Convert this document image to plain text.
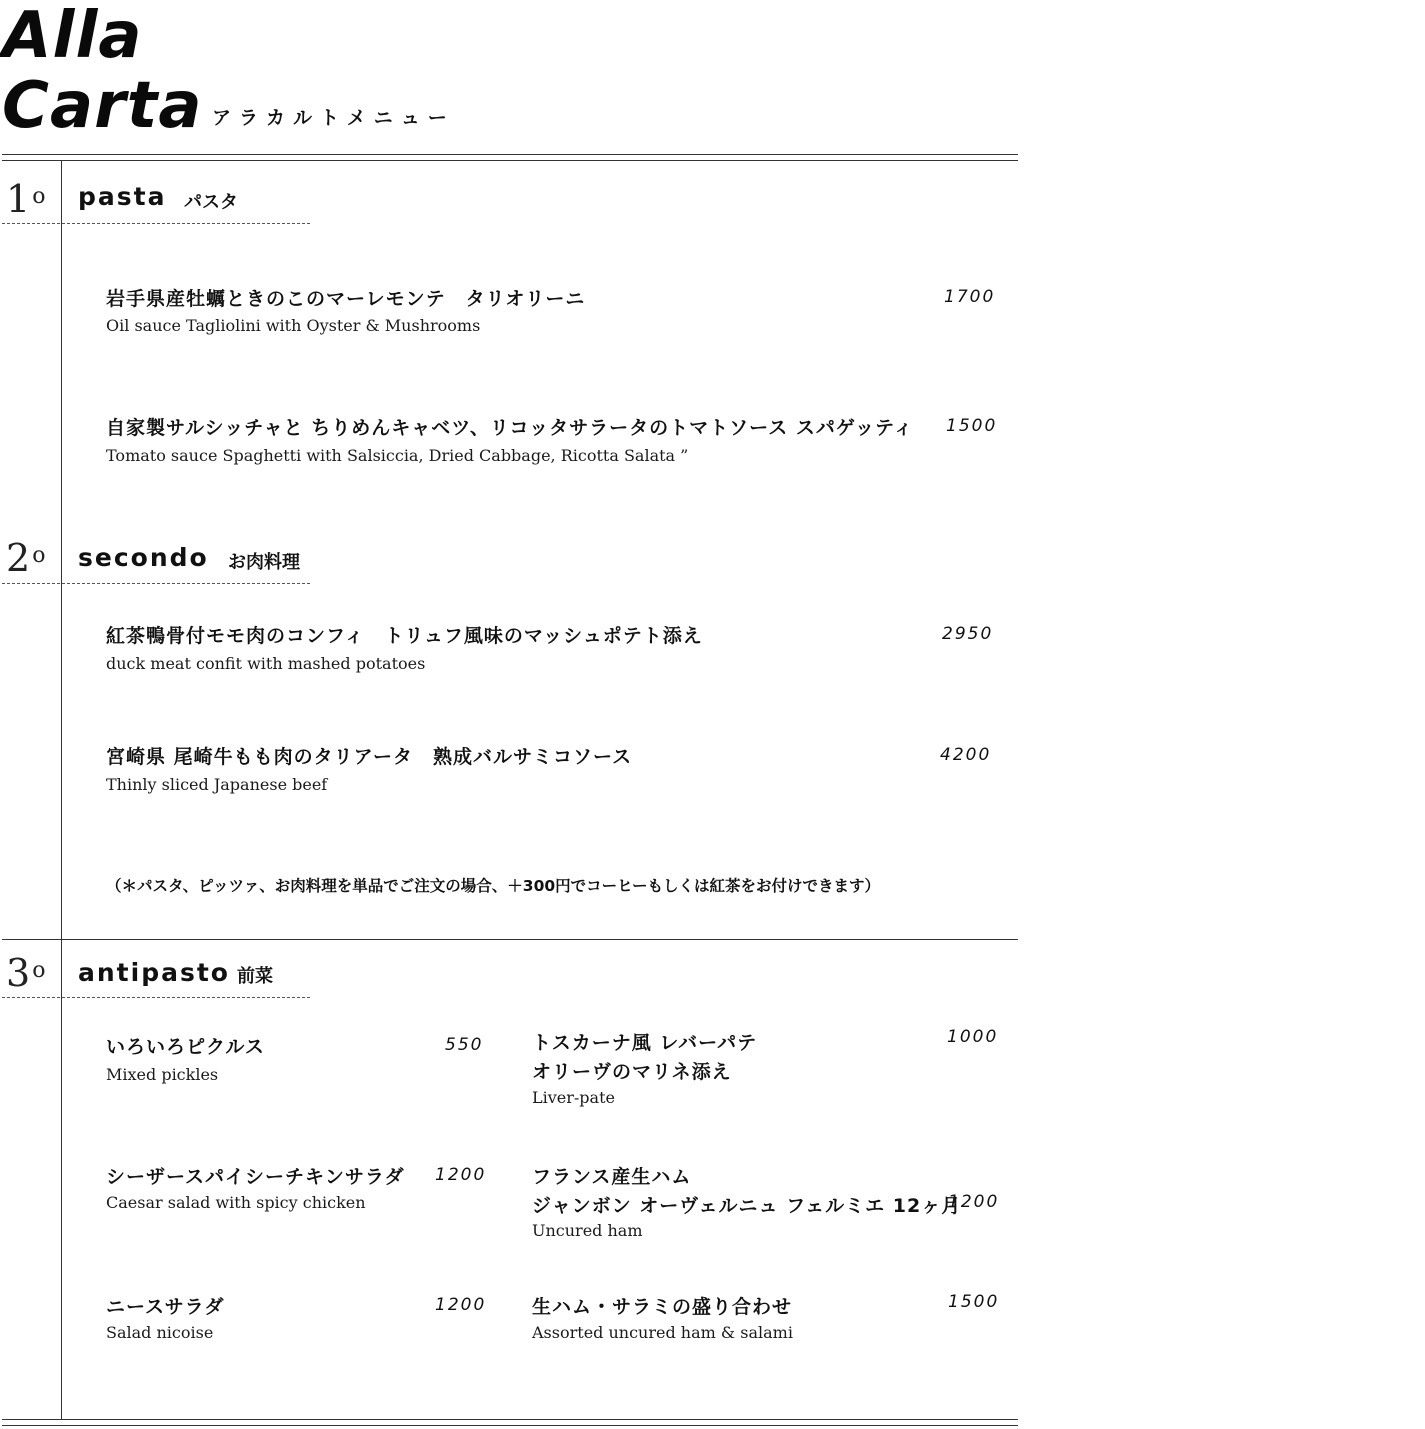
Alla
Carta アラカルトメニュー
1$^o$ pasta パスタ
岩手県産牡蠣ときのこのマーレモンテ　タリオリーニ
Oil sauce Tagliolini with Oyster & Mushrooms
1700
自家製サルシッチャと ちりめんキャベツ、リコッタサラータのトマトソース スパゲッティ
Tomato sauce Spaghetti with Salsiccia, Dried Cabbage, Ricotta Salata ”
1500
2$^o$ secondo お肉料理
紅茶鴨骨付モモ肉のコンフィ　トリュフ風味のマッシュポテト添え
duck meat confit with mashed potatoes
2950
宮崎県 尾崎牛もも肉のタリアータ　熟成バルサミコソース
Thinly sliced Japanese beef
4200
（＊パスタ、ピッツァ、お肉料理を単品でご注文の場合、＋300円でコーヒーもしくは紅茶をお付けできます）
3$^o$ antipasto 前菜
いろいろピクルス
Mixed pickles
550
シーザースパイシーチキンサラダ
Caesar salad with spicy chicken
1200
ニースサラダ
Salad nicoise
1200
トスカーナ風 レバーパテ
オリーヴのマリネ添え
Liver-pate
1000
フランス産生ハム
ジャンボン オーヴェルニュ フェルミエ 12ヶ月
Uncured ham
1200
生ハム・サラミの盛り合わせ
Assorted uncured ham & salami
1500
